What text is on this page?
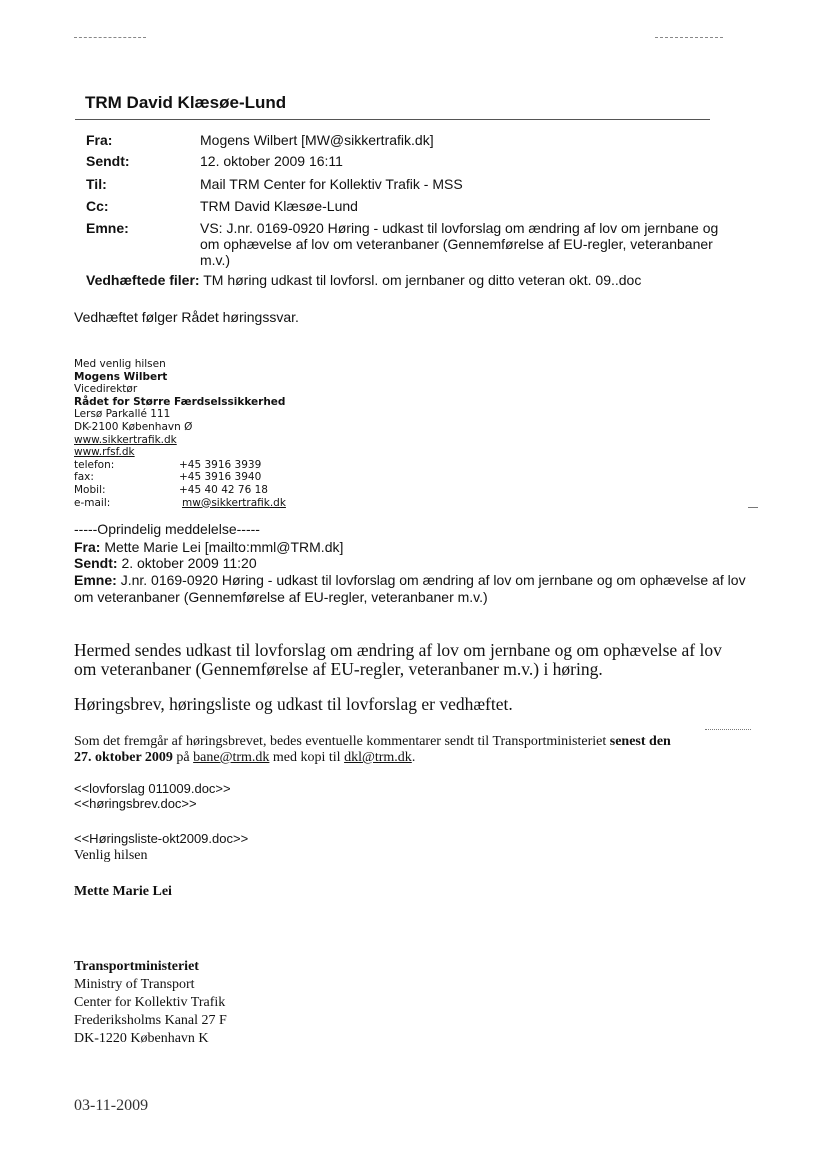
TRM David Klæsøe-Lund
Fra:	Mogens Wilbert [MW@sikkertrafik.dk]
Sendt:	12. oktober 2009 16:11
Til:	Mail TRM Center for Kollektiv Trafik - MSS
Cc:	TRM David Klæsøe-Lund
Emne:	VS: J.nr. 0169-0920 Høring - udkast til lovforslag om ændring af lov om jernbane og
om ophævelse af lov om veteranbaner (Gennemførelse af EU-regler, veteranbaner
m.v.)
Vedhæftede filer: TM høring udkast til lovforsl. om jernbaner og ditto veteran okt. 09..doc
Vedhæftet følger Rådet høringssvar.
Med venlig hilsen
Mogens Wilbert
Vicedirektør
Rådet for Større Færdselssikkerhed
Lersø Parkallé 111
DK-2100 København Ø
www.sikkertrafik.dk
www.rfsf.dk
telefon:	+45 3916 3939
fax:	+45 3916 3940
Mobil:	+45 40 42 76 18
e-mail:	mw@sikkertrafik.dk
-----Oprindelig meddelelse-----
Fra: Mette Marie Lei [mailto:mml@TRM.dk]
Sendt: 2. oktober 2009 11:20
Emne: J.nr. 0169-0920 Høring - udkast til lovforslag om ændring af lov om jernbane og om ophævelse af lov
om veteranbaner (Gennemførelse af EU-regler, veteranbaner m.v.)
Hermed sendes udkast til lovforslag om ændring af lov om jernbane og om ophævelse af lov
om veteranbaner (Gennemførelse af EU-regler, veteranbaner m.v.) i høring.
Høringsbrev, høringsliste og udkast til lovforslag er vedhæftet.
Som det fremgår af høringsbrevet, bedes eventuelle kommentarer sendt til Transportministeriet senest den
27. oktober 2009 på bane@trm.dk med kopi til dkl@trm.dk.
<<lovforslag 011009.doc>>
<<høringsbrev.doc>>
<<Høringsliste-okt2009.doc>>
Venlig hilsen
Mette Marie Lei
Transportministeriet
Ministry of Transport
Center for Kollektiv Trafik
Frederiksholms Kanal 27 F
DK-1220 København K
03-11-2009
